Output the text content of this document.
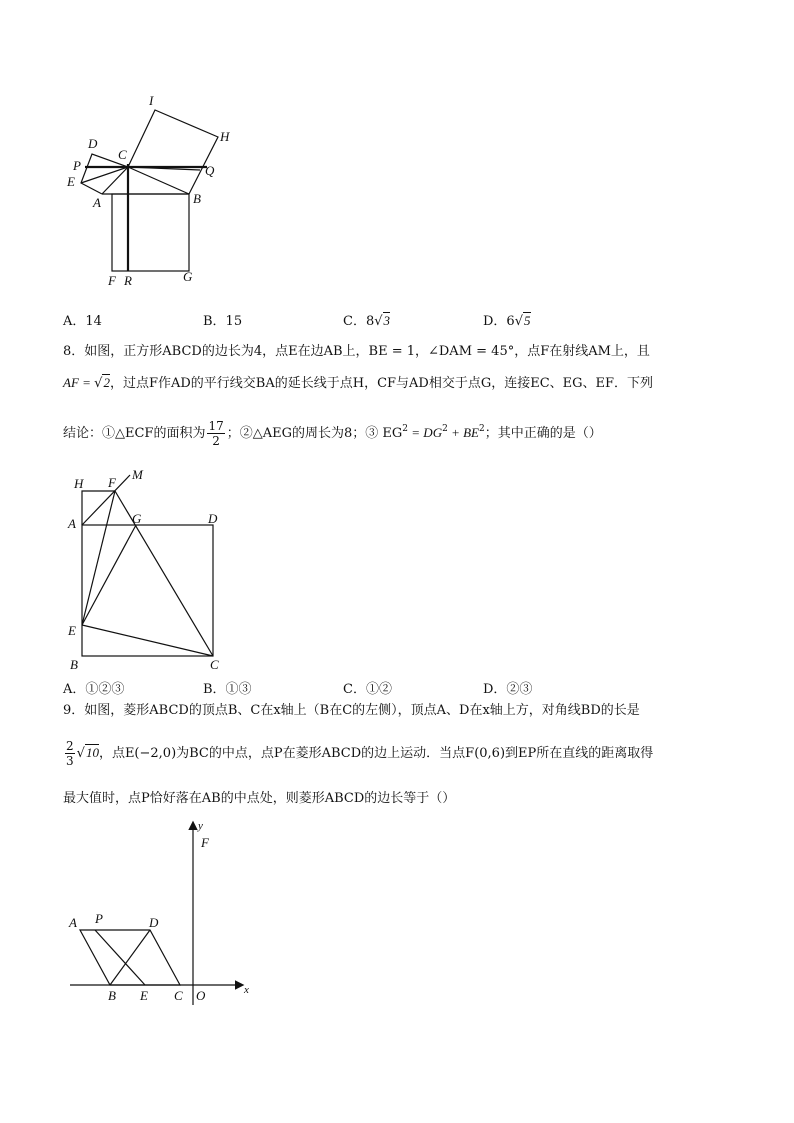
I
H
D
C
P	Q
E
A	B
F R	G
A．14	B．15	C．8√3	D．6√5
8．如图，正方形ABCD的边长为4，点E在边AB上，BE = 1，∠DAM = 45°，点F在射线AM上，且
AF = √2，过点F作AD的平行线交BA的延长线于点H，CF与AD相交于点G，连接EC、EG、EF．下列
结论：①△ECF的面积为 $\frac{17}{2}$ ；②△AEG的周长为8；③ $EG^2 = DG^2 + BE^2$；其中正确的是（）
H F
M
A	G	D
E
B	C
A．①②③	B．①③	C．①②	D．②③
9．如图，菱形ABCD的顶点B、C在x轴上（B在C的左侧），顶点A、D在x轴上方，对角线BD的长是
$\frac{2}{3} √10$，点E(−2,0)为BC的中点，点P在菱形ABCD的边上运动．当点F(0,6)到EP所在直线的距离取得
最大值时，点P恰好落在AB的中点处，则菱形ABCD的边长等于（）
y
F
A P	D
B E C O	x
